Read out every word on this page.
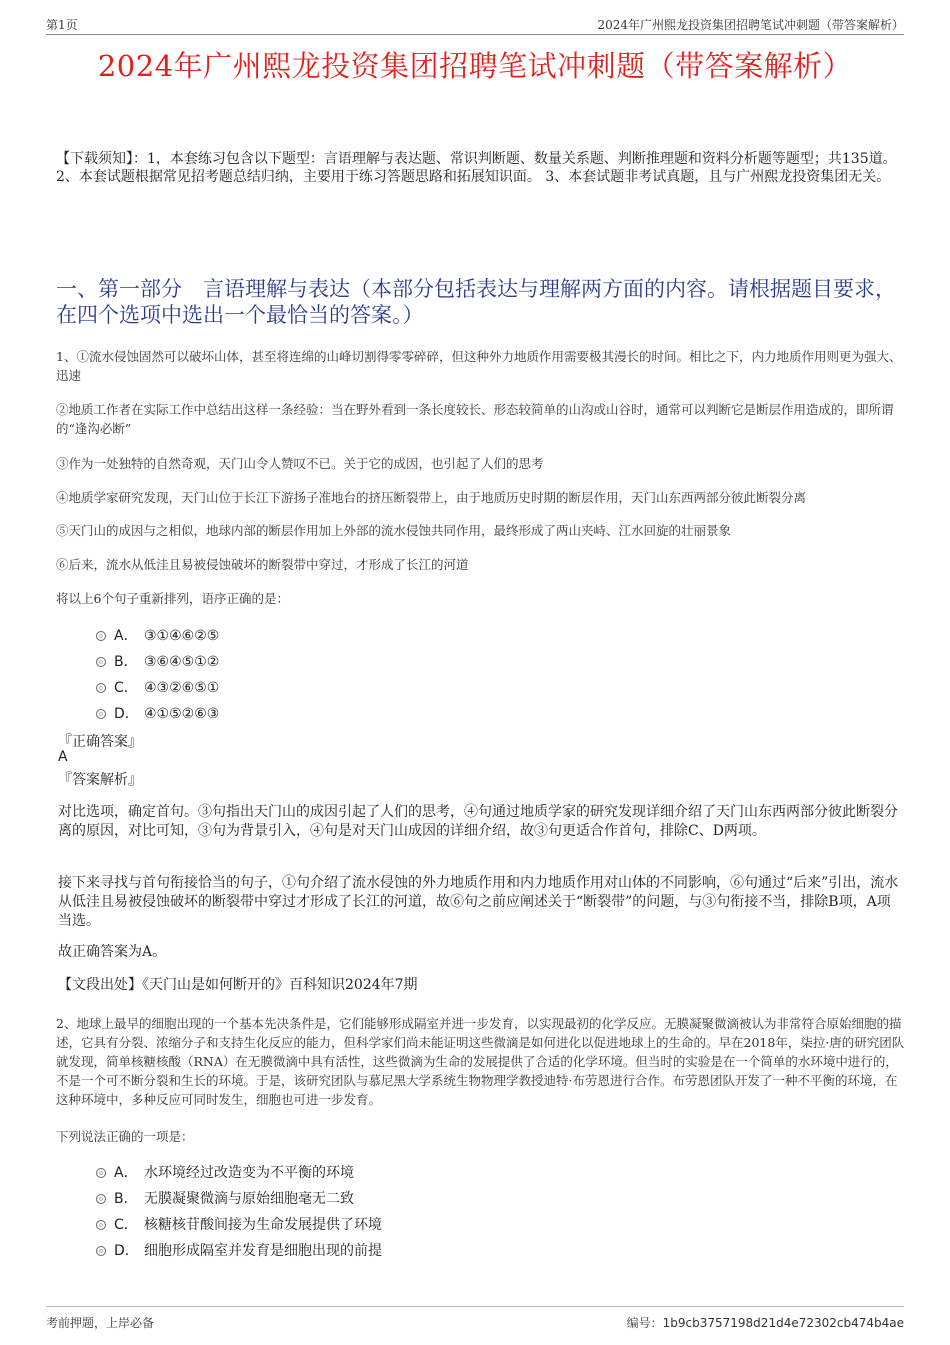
第1页	2024年广州熙龙投资集团招聘笔试冲刺题（带答案解析）
2024年广州熙龙投资集团招聘笔试冲刺题（带答案解析）
【下载须知】：1，本套练习包含以下题型：言语理解与表达题、常识判断题、数量关系题、判断推理题和资料分析题等题型；共135道。 2、本套试题根据常见招考题总结归纳，主要用于练习答题思路和拓展知识面。 3、本套试题非考试真题，且与广州熙龙投资集团无关。
一、第一部分　言语理解与表达（本部分包括表达与理解两方面的内容。请根据题目要求，在四个选项中选出一个最恰当的答案。）
1、①流水侵蚀固然可以破坏山体，甚至将连绵的山峰切割得零零碎碎，但这种外力地质作用需要极其漫长的时间。相比之下，内力地质作用则更为强大、迅速
②地质工作者在实际工作中总结出这样一条经验：当在野外看到一条长度较长、形态较简单的山沟或山谷时，通常可以判断它是断层作用造成的，即所谓的“逢沟必断”
③作为一处独特的自然奇观，天门山令人赞叹不已。关于它的成因，也引起了人们的思考
④地质学家研究发现，天门山位于长江下游扬子准地台的挤压断裂带上，由于地质历史时期的断层作用，天门山东西两部分彼此断裂分离
⑤天门山的成因与之相似，地球内部的断层作用加上外部的流水侵蚀共同作用，最终形成了两山夹峙、江水回旋的壮丽景象
⑥后来，流水从低洼且易被侵蚀破坏的断裂带中穿过，才形成了长江的河道
将以上6个句子重新排列，语序正确的是：
A． ③①④⑥②⑤
B． ③⑥④⑤①②
C． ④③②⑥⑤①
D． ④①⑤②⑥③
『正确答案』
A
『答案解析』
对比选项，确定首句。③句指出天门山的成因引起了人们的思考，④句通过地质学家的研究发现详细介绍了天门山东西两部分彼此断裂分离的原因，对比可知，③句为背景引入，④句是对天门山成因的详细介绍，故③句更适合作首句，排除C、D两项。
接下来寻找与首句衔接恰当的句子，①句介绍了流水侵蚀的外力地质作用和内力地质作用对山体的不同影响，⑥句通过“后来”引出，流水从低洼且易被侵蚀破坏的断裂带中穿过才形成了长江的河道，故⑥句之前应阐述关于“断裂带”的问题，与③句衔接不当，排除B项，A项当选。
故正确答案为A。
【文段出处】《天门山是如何断开的》百科知识2024年7期
2、地球上最早的细胞出现的一个基本先决条件是，它们能够形成隔室并进一步发育，以实现最初的化学反应。无膜凝聚微滴被认为非常符合原始细胞的描述，它具有分裂、浓缩分子和支持生化反应的能力，但科学家们尚未能证明这些微滴是如何进化以促进地球上的生命的。早在2018年，柒拉·唐的研究团队就发现，简单核糖核酸（RNA）在无膜微滴中具有活性，这些微滴为生命的发展提供了合适的化学环境。但当时的实验是在一个简单的水环境中进行的，不是一个可不断分裂和生长的环境。于是，该研究团队与慕尼黑大学系统生物物理学教授迪特·布劳恩进行合作。布劳恩团队开发了一种不平衡的环境，在这种环境中，多种反应可同时发生，细胞也可进一步发育。
下列说法正确的一项是：
A． 水环境经过改造变为不平衡的环境
B． 无膜凝聚微滴与原始细胞毫无二致
C． 核糖核苷酸间接为生命发展提供了环境
D． 细胞形成隔室并发育是细胞出现的前提
考前押题，上岸必备	编号：1b9cb3757198d21d4e72302cb474b4ae
